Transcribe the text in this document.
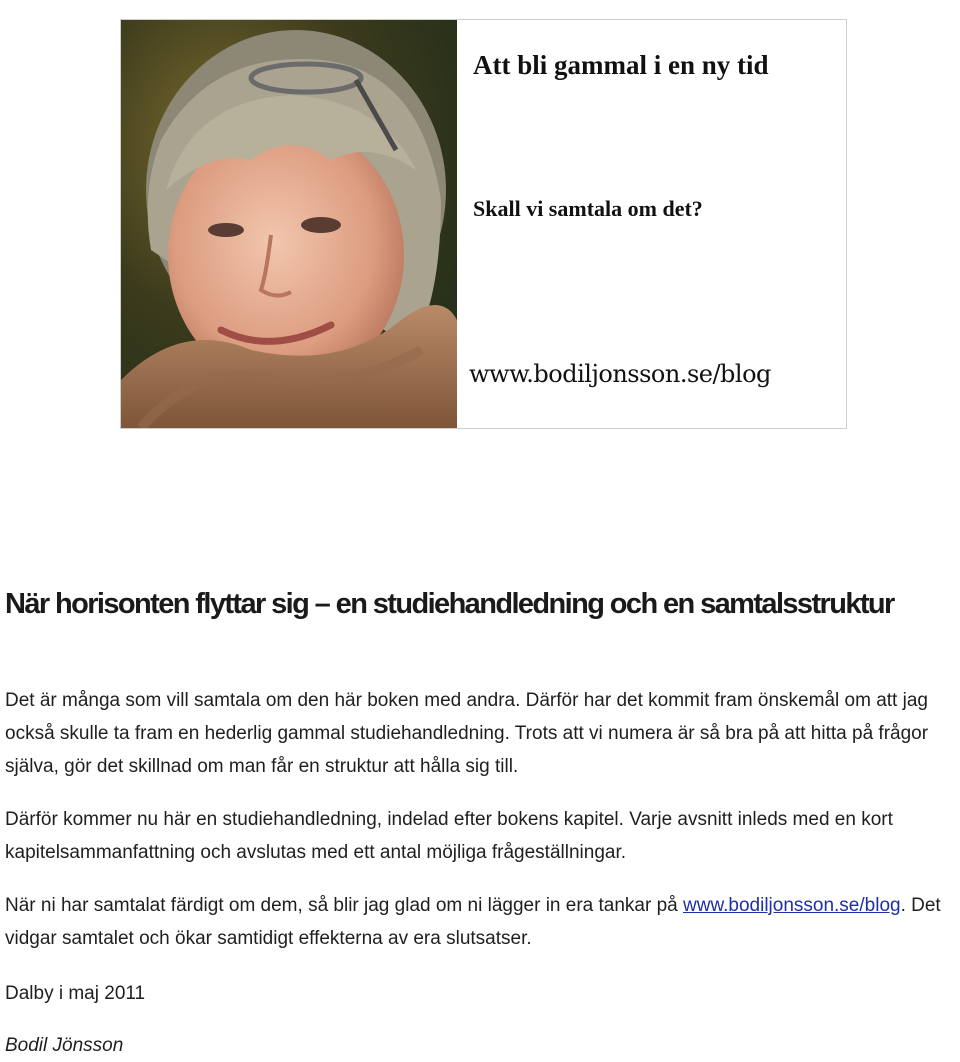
Att bli gammal i en ny tid
Skall vi samtala om det?
www.bodiljonsson.se/blog
När horisonten flyttar sig – en studiehandledning och en samtalsstruktur

Det är många som vill samtala om den här boken med andra. Därför har det kommit fram önskemål om att jag också skulle ta fram en hederlig gammal studiehandledning. Trots att vi numera är så bra på att hitta på frågor själva, gör det skillnad om man får en struktur att hålla sig till.

Därför kommer nu här en studiehandledning, indelad efter bokens kapitel. Varje avsnitt inleds med en kort kapitelsammanfattning och avslutas med ett antal möjliga frågeställningar.

När ni har samtalat färdigt om dem, så blir jag glad om ni lägger in era tankar på www.bodiljonsson.se/blog. Det vidgar samtalet och ökar samtidigt effekterna av era slutsatser.

Dalby i maj 2011

Bodil Jönsson
